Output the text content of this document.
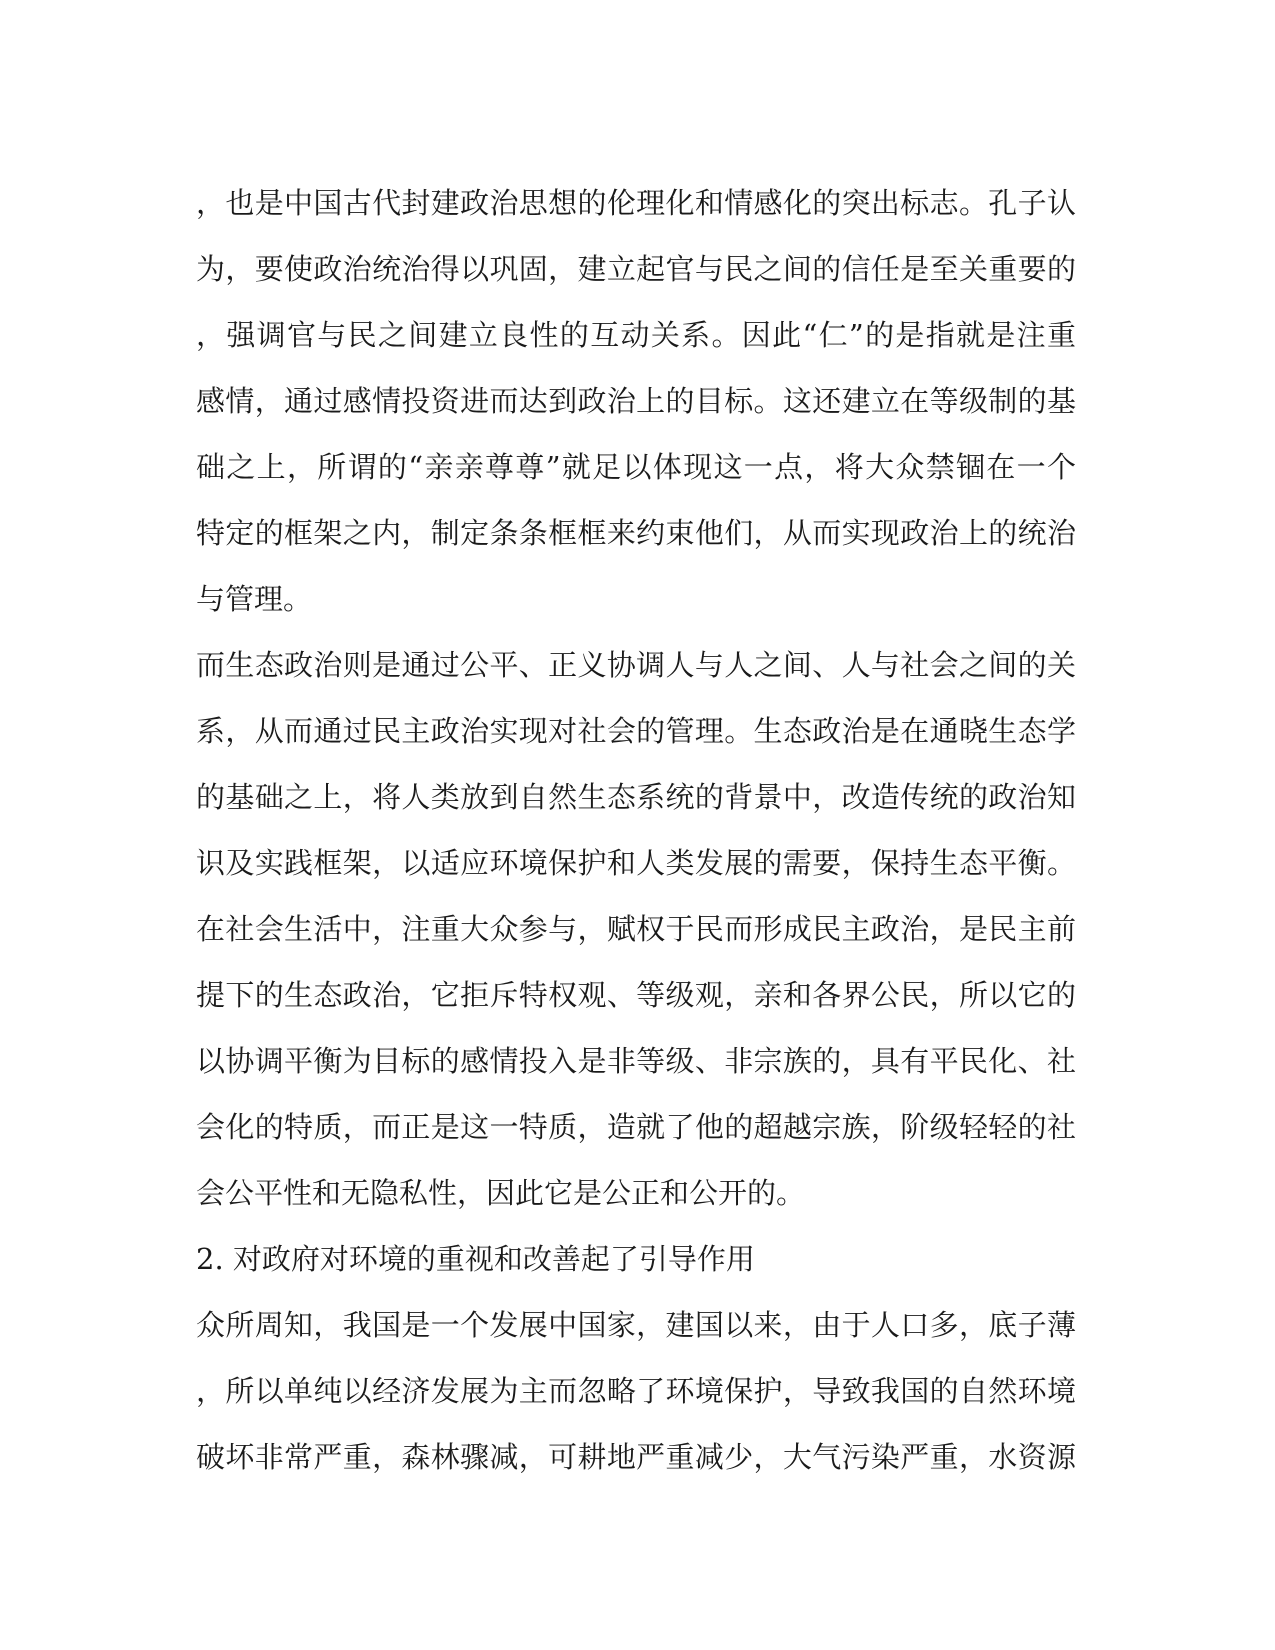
，也是中国古代封建政治思想的伦理化和情感化的突出标志。孔子认
为，要使政治统治得以巩固，建立起官与民之间的信任是至关重要的
，强调官与民之间建立良性的互动关系。因此“仁”的是指就是注重
感情，通过感情投资进而达到政治上的目标。这还建立在等级制的基
础之上，所谓的“亲亲尊尊”就足以体现这一点，将大众禁锢在一个
特定的框架之内，制定条条框框来约束他们，从而实现政治上的统治
与管理。
而生态政治则是通过公平、正义协调人与人之间、人与社会之间的关
系，从而通过民主政治实现对社会的管理。生态政治是在通晓生态学
的基础之上，将人类放到自然生态系统的背景中，改造传统的政治知
识及实践框架，以适应环境保护和人类发展的需要，保持生态平衡。
在社会生活中，注重大众参与，赋权于民而形成民主政治，是民主前
提下的生态政治，它拒斥特权观、等级观，亲和各界公民，所以它的
以协调平衡为目标的感情投入是非等级、非宗族的，具有平民化、社
会化的特质，而正是这一特质，造就了他的超越宗族，阶级轻轻的社
会公平性和无隐私性，因此它是公正和公开的。
2. 对政府对环境的重视和改善起了引导作用
众所周知，我国是一个发展中国家，建国以来，由于人口多，底子薄
，所以单纯以经济发展为主而忽略了环境保护，导致我国的自然环境
破坏非常严重，森林骤减，可耕地严重减少，大气污染严重，水资源
